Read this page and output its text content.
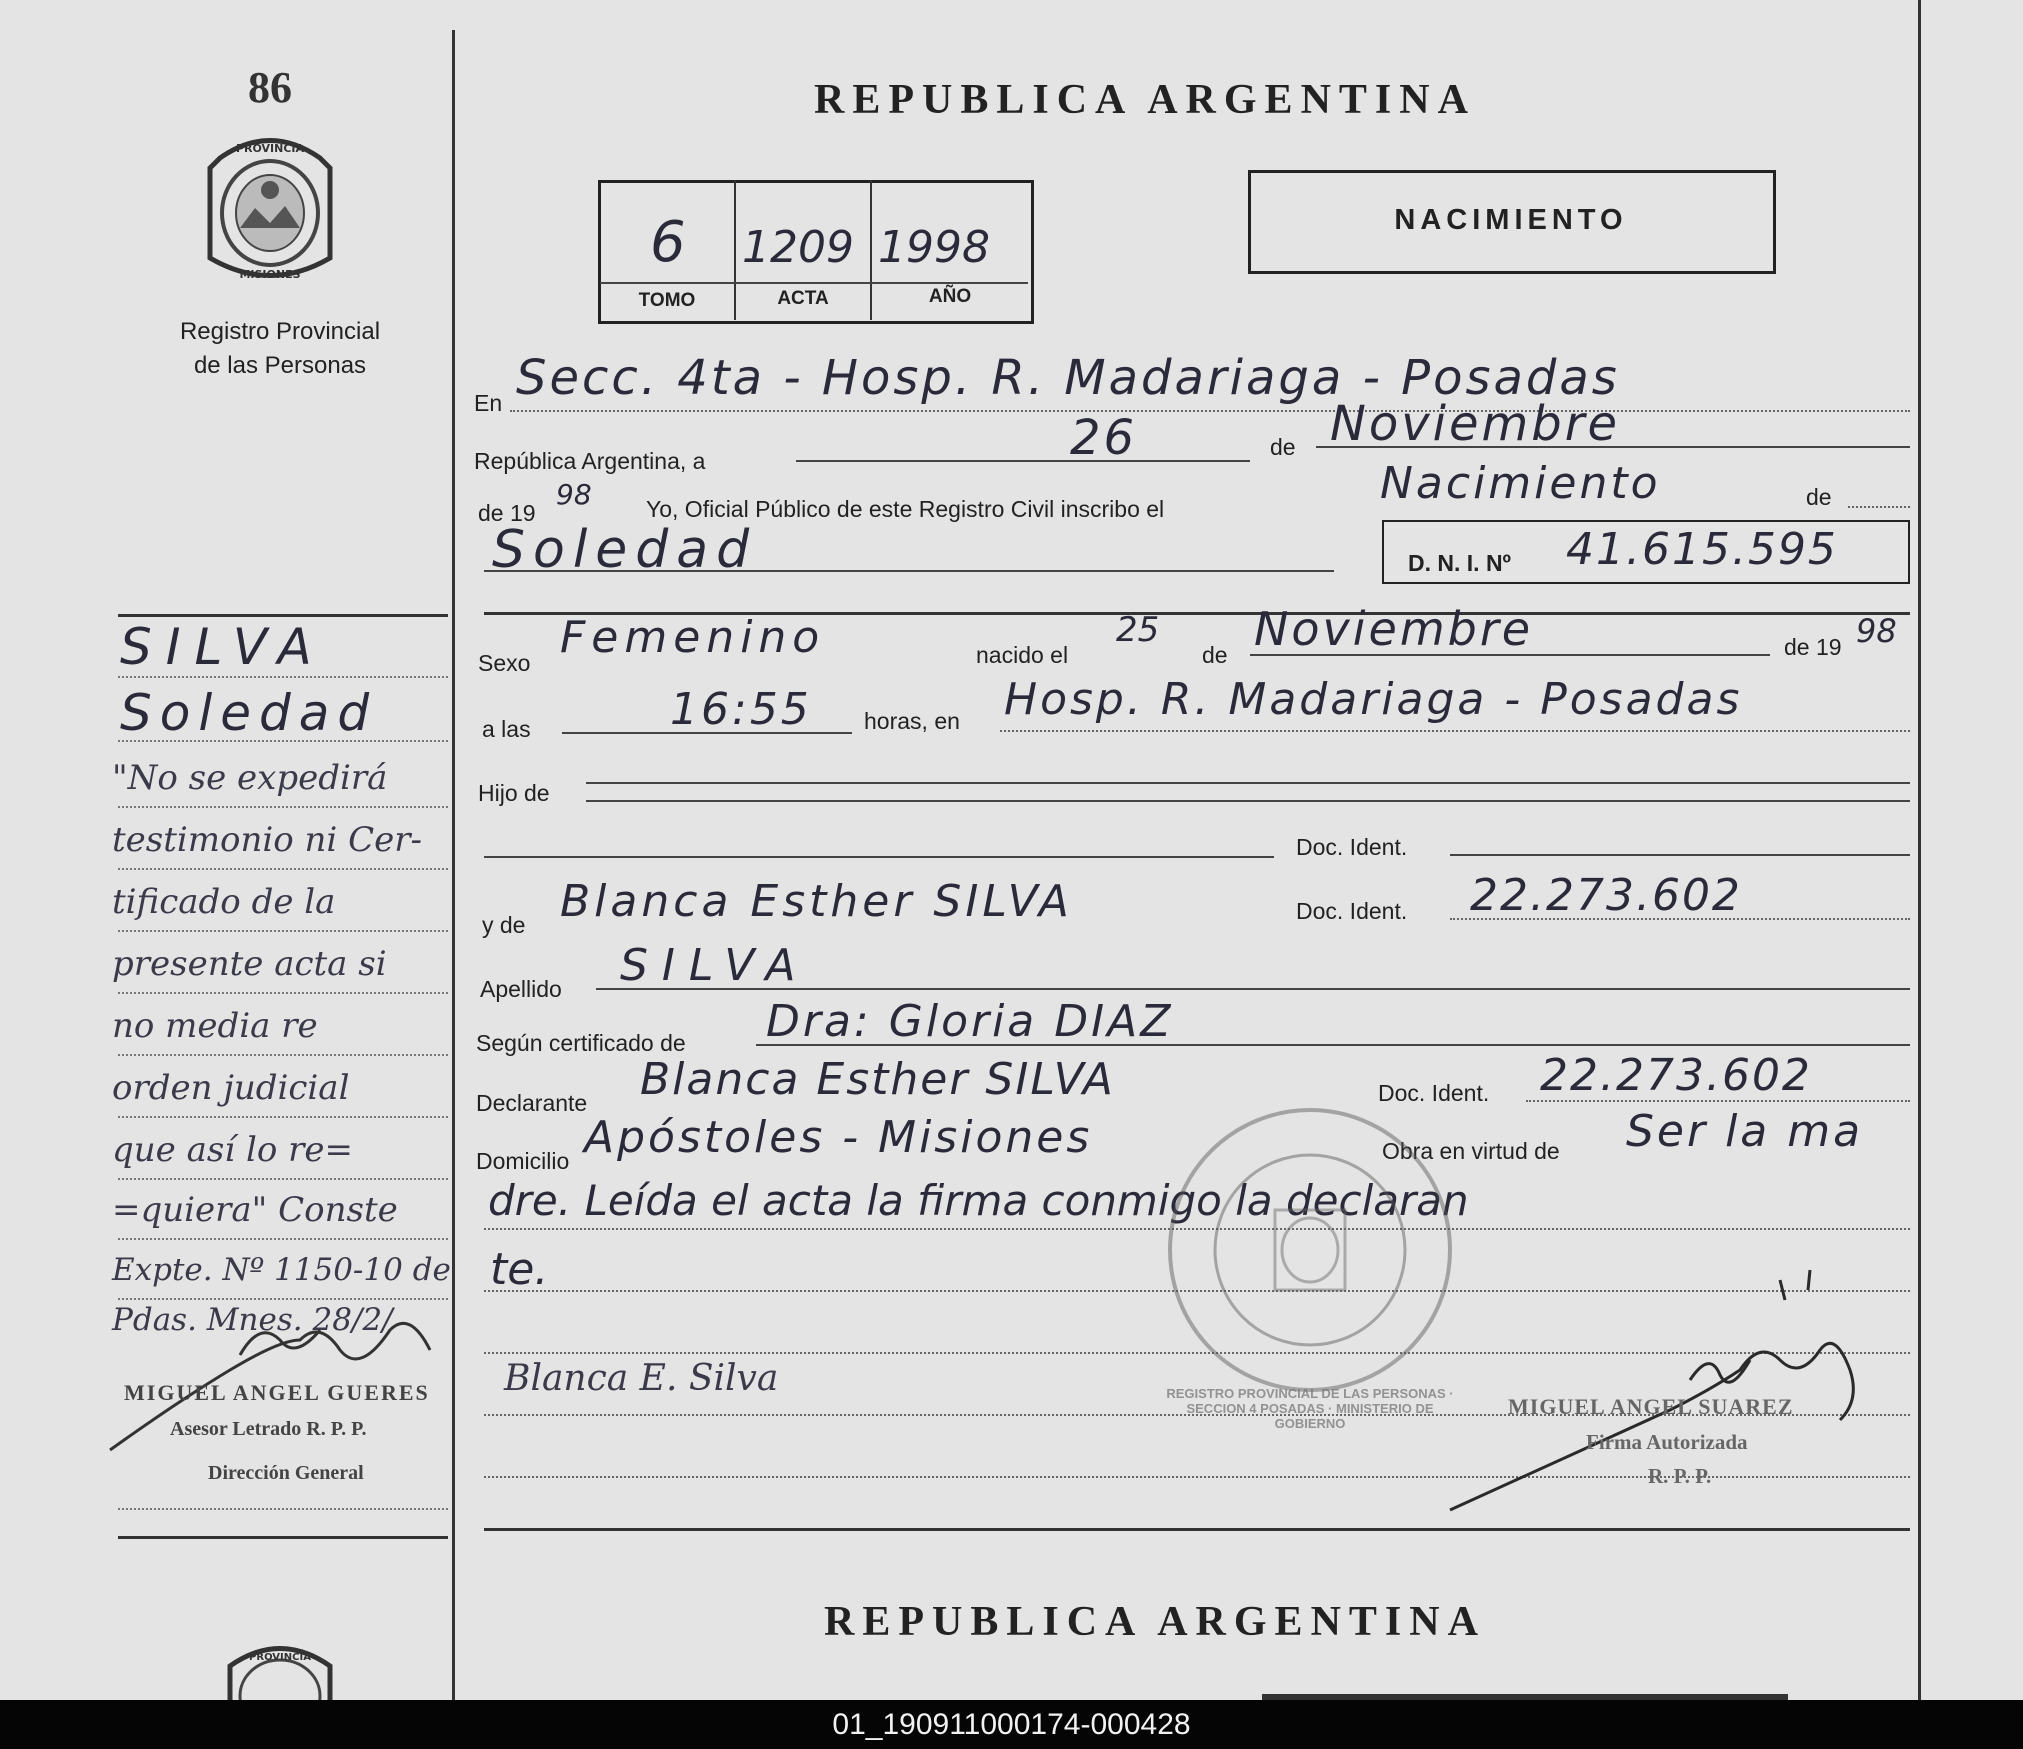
86
PROVINCIA
MISIONES
Registro Provincial
de las Personas
SILVA
Soledad
"No se expedirá
testimonio ni Cer-
tificado de la
presente acta si
no media re
orden judicial
que así lo re=
=quiera" Conste
Expte. Nº 1150-10 de
Pdas. Mnes. 28/2/
MIGUEL ANGEL GUERES
Asesor Letrado R. P. P.
Dirección General
PROVINCIA
REPUBLICA ARGENTINA
6 1209 1998
TOMO	ACTA	AÑO
NACIMIENTO
En Secc. 4ta - Hosp. R. Madariaga - Posadas
República Argentina, a	26	de Noviembre
de 19
98 Yo, Oficial Público de este Registro Civil inscribo el	Nacimiento	de
Soledad	D. N. I. Nº 41.615.595
Sexo Femenino	nacido el
25
de Noviembre	de 19 98
a las	16:55 horas, en Hosp. R. Madariaga - Posadas
Hijo de
Doc. Ident.
y de Blanca Esther SILVA	Doc. Ident. 22.273.602
Apellido SILVA
Según certificado de Dra: Gloria DIAZ
Declarante Blanca Esther SILVA	Doc. Ident. 22.273.602
Domicilio Apóstoles - Misiones	Obra en virtud de Ser la ma
dre. Leída el acta la firma conmigo la declaran
te.
REGISTRO PROVINCIAL DE LAS PERSONAS · SECCION 4 POSADAS · MINISTERIO DE GOBIERNO
Blanca E. Silva
MIGUEL ANGEL SUAREZ
Firma Autorizada
R. P. P.
REPUBLICA ARGENTINA
01_190911000174-000428
